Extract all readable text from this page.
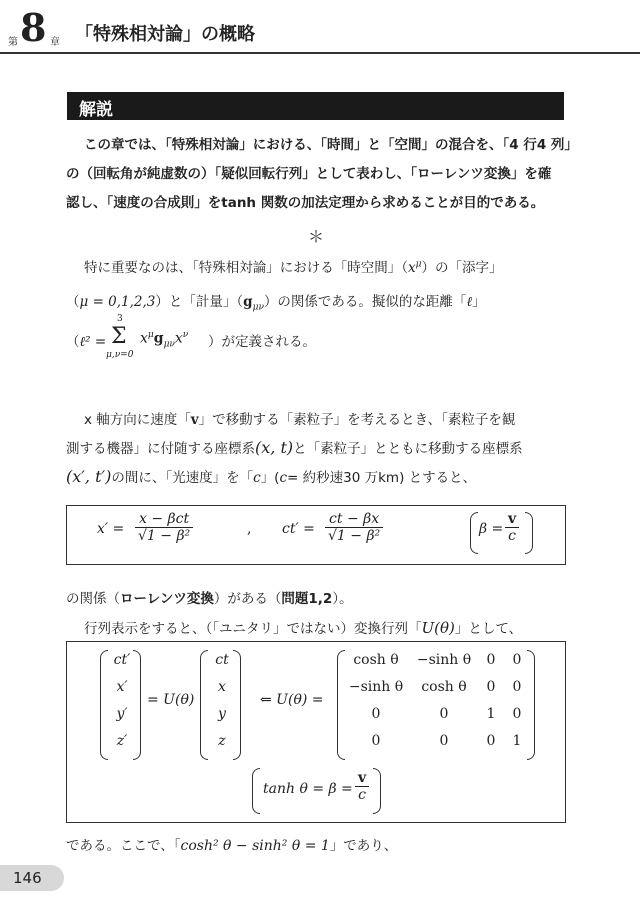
第 8 章 「特殊相対論」の概略
解説
この章では、「特殊相対論」における、「時間」と「空間」の混合を、「4 行4 列」
の（回転角が純虚数の）「疑似回転行列」として表わし、「ローレンツ変換」を確
認し、「速度の合成則」をtanh 関数の加法定理から求めることが目的である。
＊
特に重要なのは、「特殊相対論」における「時空間」$(x^\mu)$の「添字」
（μ = 0,1,2,3）と「計量」$(g_{\mu\nu})$の関係である。擬似的な距離「ℓ」
（ℓ² =
3
Σ
μ,ν=0
$x^\mu g_{\mu\nu}x^\nu$ ）が定義される。
x 軸方向に速度「v」で移動する「素粒子」を考えるとき、「素粒子を観
測する機器」に付随する座標系(x, t)と「素粒子」とともに移動する座標系
(x′, t′)の間に、「光速度」を「c」(c= 約秒速30 万km) とすると、
$x' = \frac{\text{x − βct}}{\text{√1 − β²}}$	, $ct' = \frac{ct - \beta x}{\text{√1 − β²}}$	$\beta = \frac{v}{c}$
の関係（ローレンツ変換）がある（問題1,2）。
行列表示をすると、（「ユニタリ」ではない）変換行列「U(θ)」として、
ct′
x′
y′
z′
= U(θ)
ct
x
y
z
⇐ U(θ) =
cosh θ	−sinh θ	0	0
−sinh θ	cosh θ	0	0
0	0	1	0
0	0	0	1
$\tanh \theta = \beta = \frac{v}{c}$
である。ここで、「cosh² θ − sinh² θ = 1」であり、
146
